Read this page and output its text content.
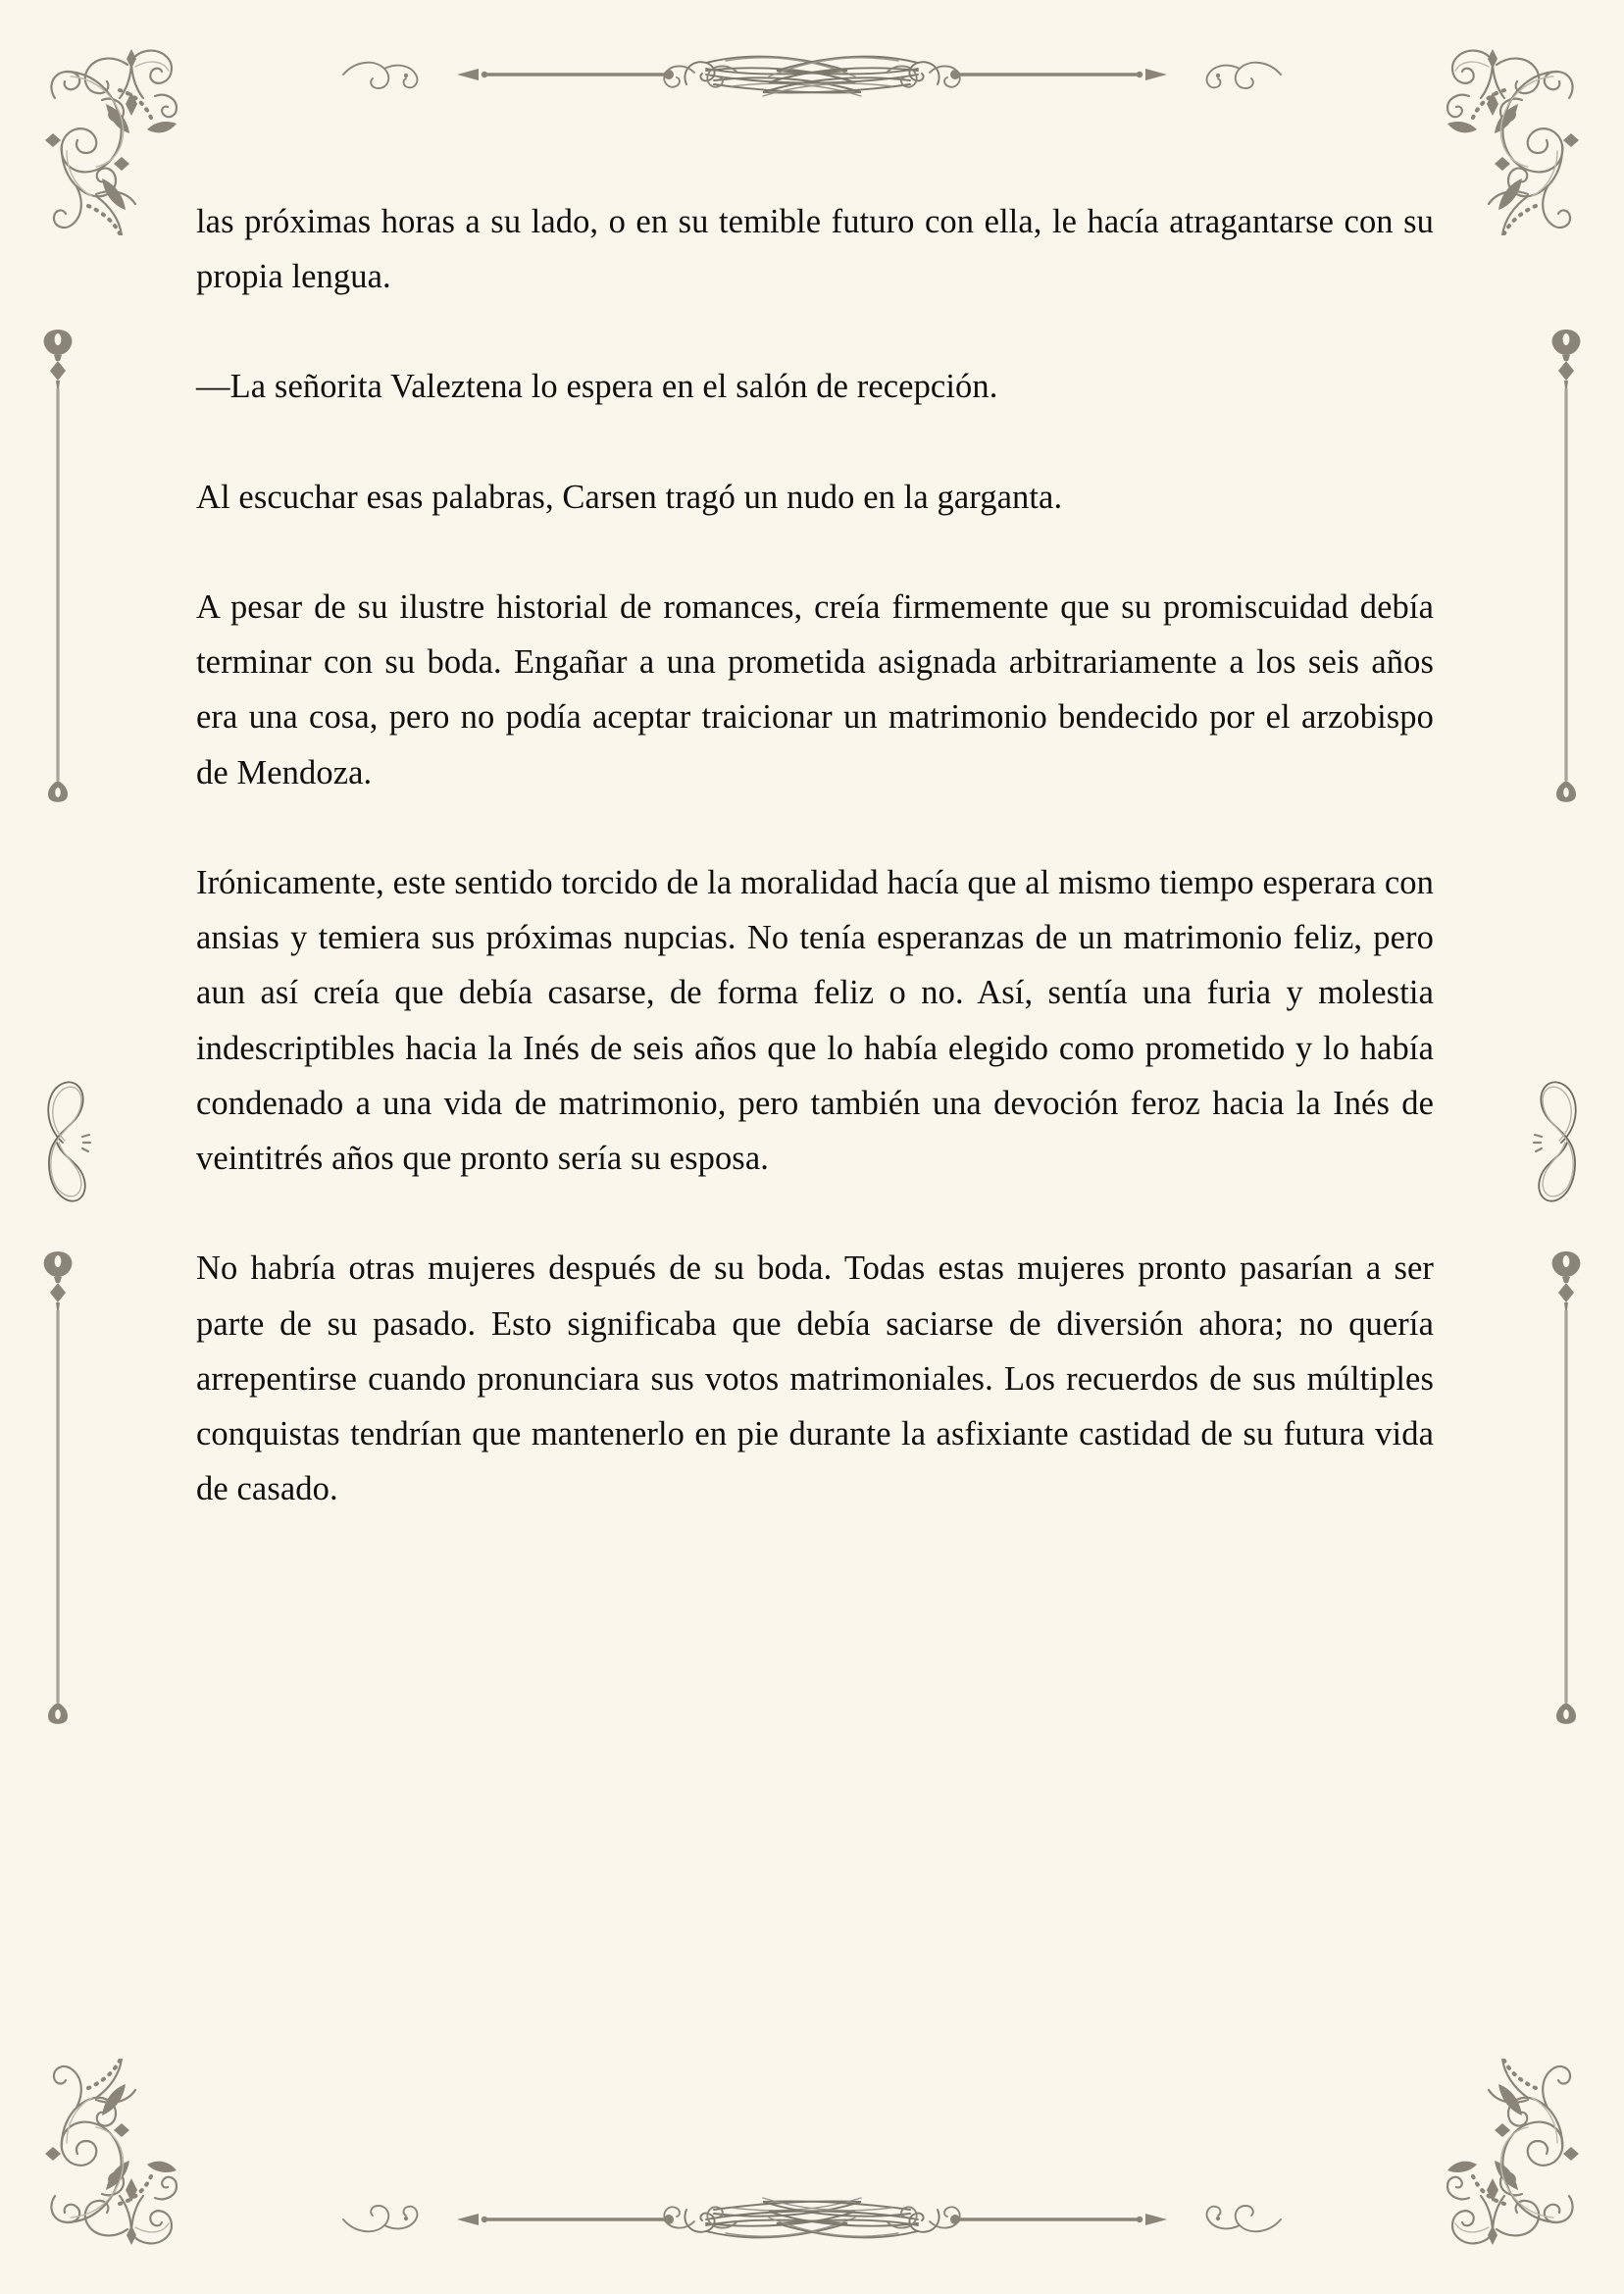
las próximas horas a su lado, o en su temible futuro con ella, le hacía atragantarse con su propia lengua.

—La señorita Valeztena lo espera en el salón de recepción.

Al escuchar esas palabras, Carsen tragó un nudo en la garganta.

A pesar de su ilustre historial de romances, creía firmemente que su promiscuidad debía terminar con su boda. Engañar a una prometida asignada arbitrariamente a los seis años era una cosa, pero no podía aceptar traicionar un matrimonio bendecido por el arzobispo de Mendoza.

Irónicamente, este sentido torcido de la moralidad hacía que al mismo tiempo esperara con ansias y temiera sus próximas nupcias. No tenía esperanzas de un matrimonio feliz, pero aun así creía que debía casarse, de forma feliz o no. Así, sentía una furia y molestia indescriptibles hacia la Inés de seis años que lo había elegido como prometido y lo había condenado a una vida de matrimonio, pero también una devoción feroz hacia la Inés de veintitrés años que pronto sería su esposa.

No habría otras mujeres después de su boda. Todas estas mujeres pronto pasarían a ser parte de su pasado. Esto significaba que debía saciarse de diversión ahora; no quería arrepentirse cuando pronunciara sus votos matrimoniales. Los recuerdos de sus múltiples conquistas tendrían que mantenerlo en pie durante la asfixiante castidad de su futura vida de casado.
